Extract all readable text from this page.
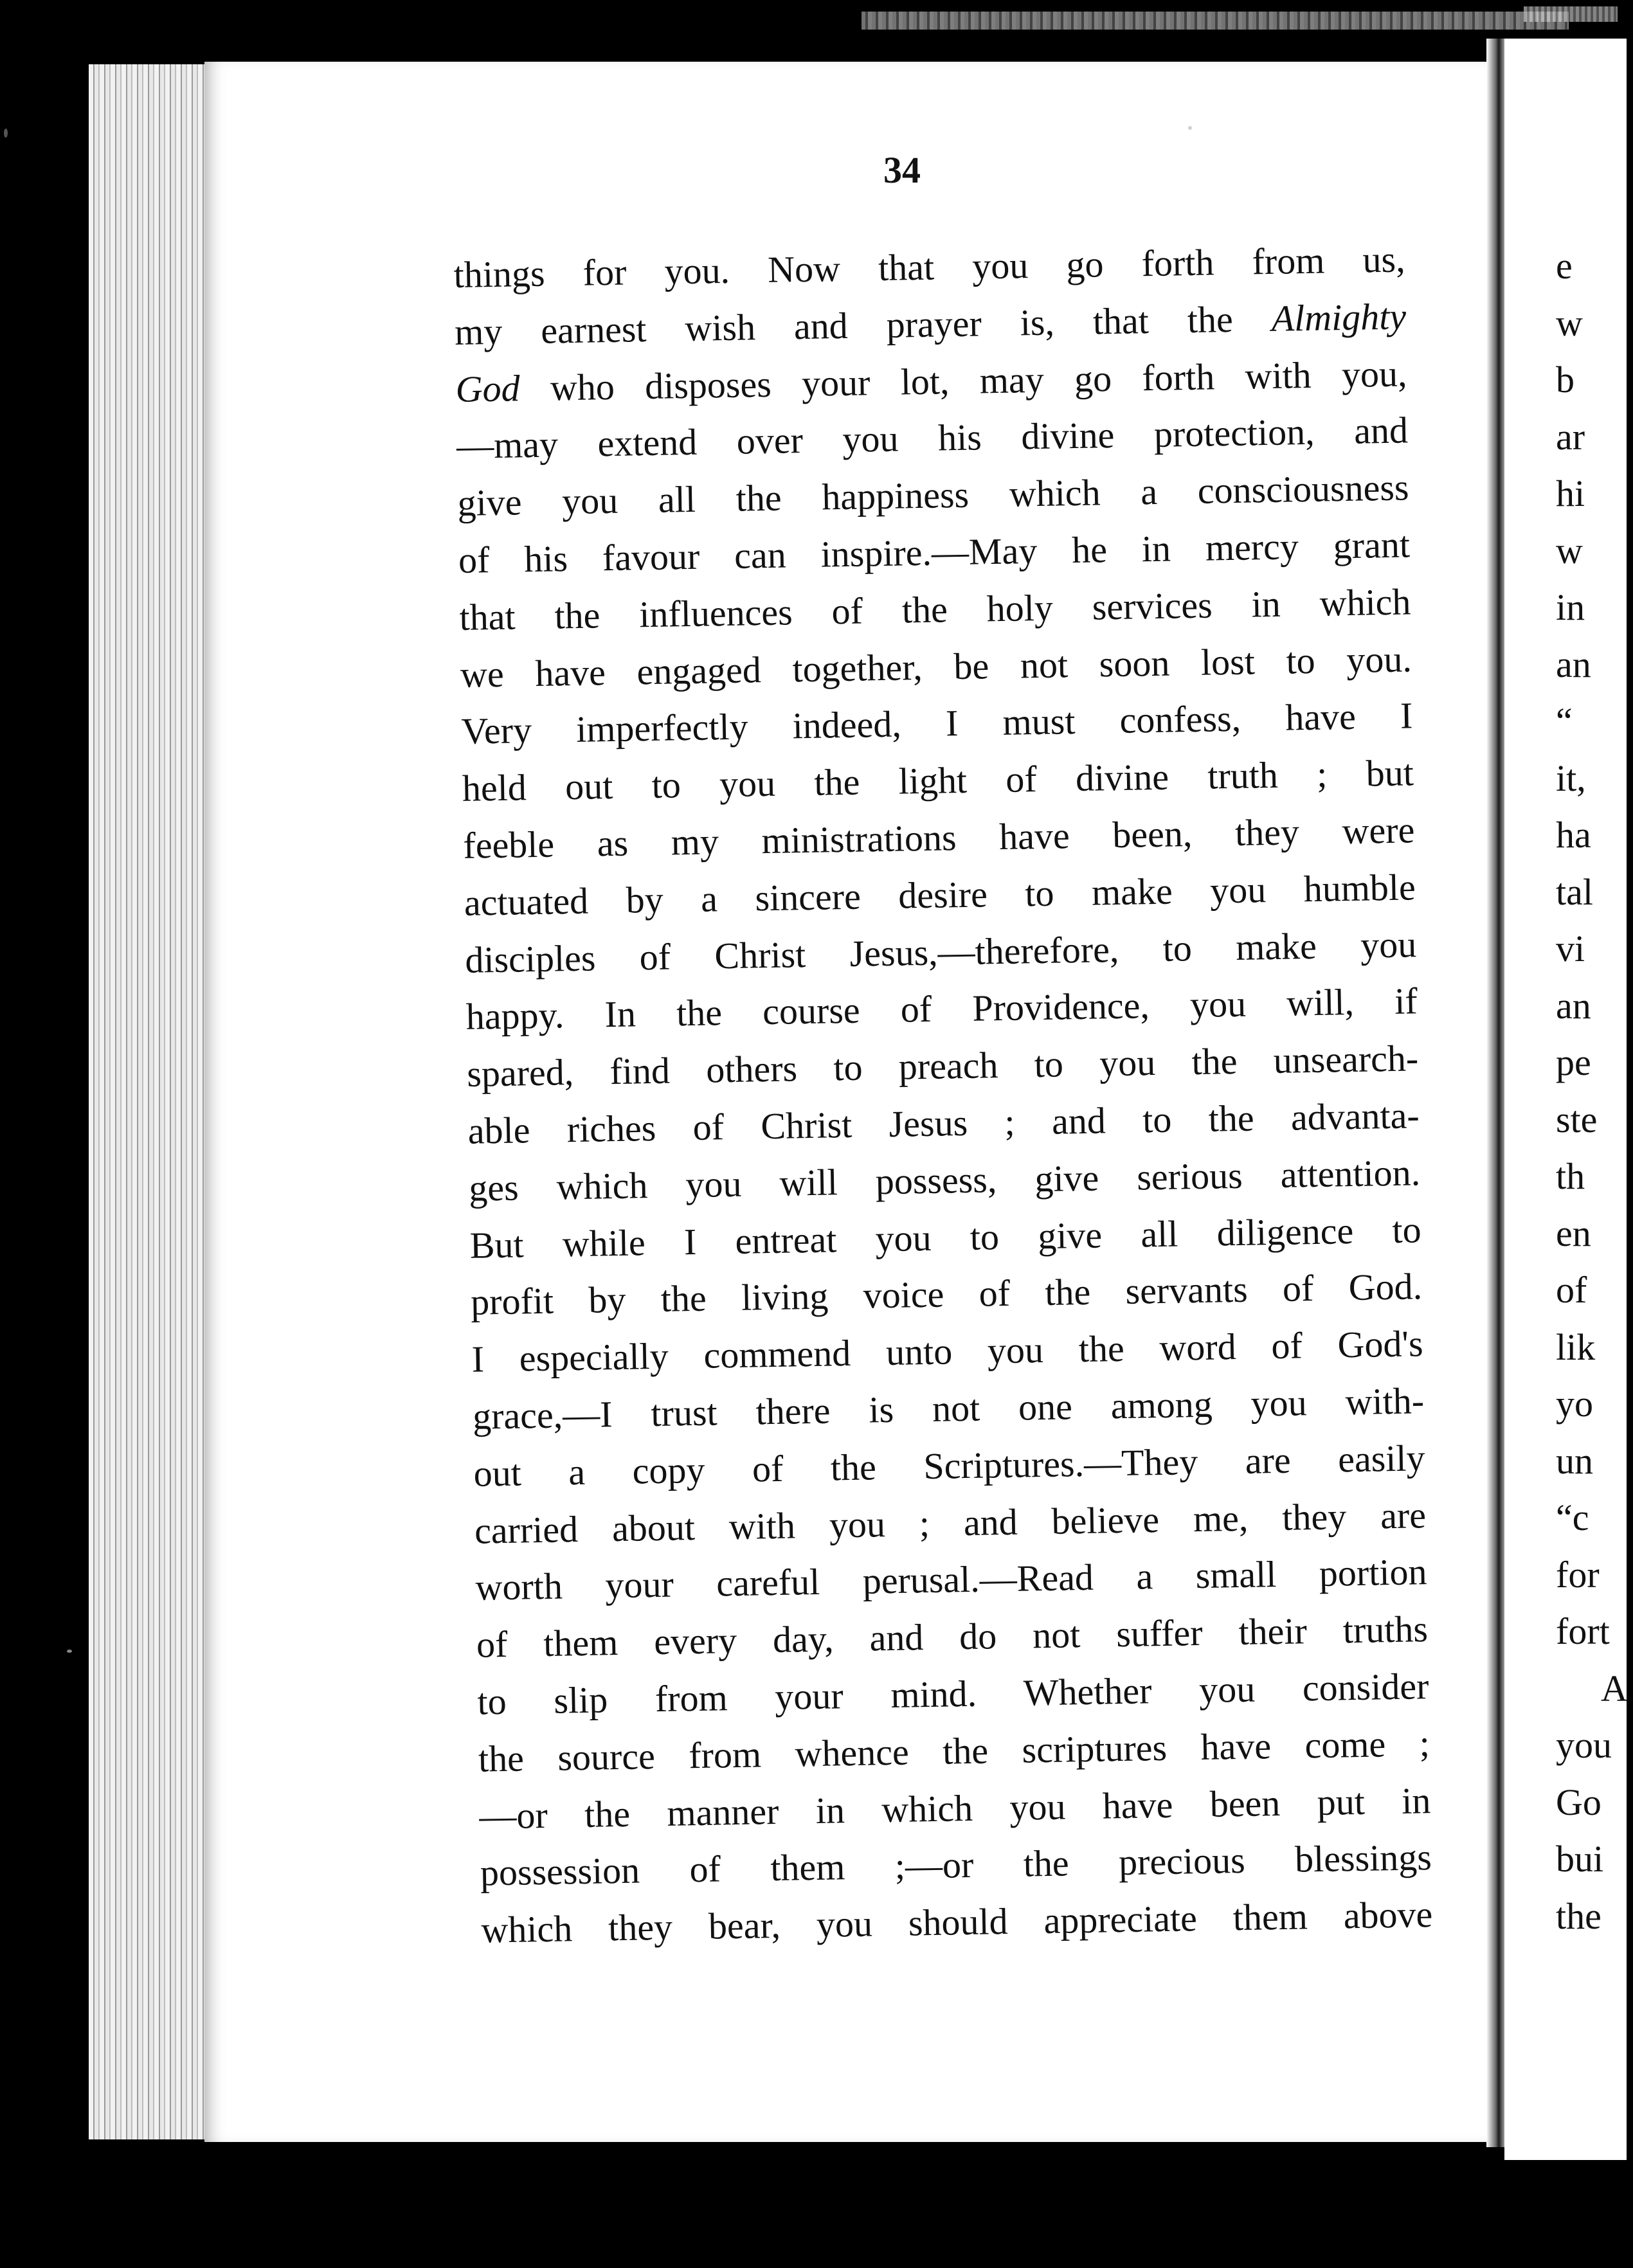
34
things for you. Now that you go forth from us,
my earnest wish and prayer is, that the Almighty
God who disposes your lot, may go forth with you,
—may extend over you his divine protection, and
give you all the happiness which a consciousness
of his favour can inspire.—May he in mercy grant
that the influences of the holy services in which
we have engaged together, be not soon lost to you.
Very imperfectly indeed, I must confess, have I
held out to you the light of divine truth ; but
feeble as my ministrations have been, they were
actuated by a sincere desire to make you humble
disciples of Christ Jesus,—therefore, to make you
happy. In the course of Providence, you will, if
spared, find others to preach to you the unsearch-
able riches of Christ Jesus ; and to the advanta-
ges which you will possess, give serious attention.
But while I entreat you to give all diligence to
profit by the living voice of the servants of God.
I especially commend unto you the word of God's
grace,—I trust there is not one among you with-
out a copy of the Scriptures.—They are easily
carried about with you ; and believe me, they are
worth your careful perusal.—Read a small portion
of them every day, and do not suffer their truths
to slip from your mind. Whether you consider
the source from whence the scriptures have come ;
—or the manner in which you have been put in
possession of them ;—or the precious blessings
which they bear, you should appreciate them above
e
w
b
ar
hi
w
in
an
“
it,
ha
tal
vi
an
pe
ste
th
en
of
lik
yo
un
“c
for
fort
A
you
Go
bui
the
